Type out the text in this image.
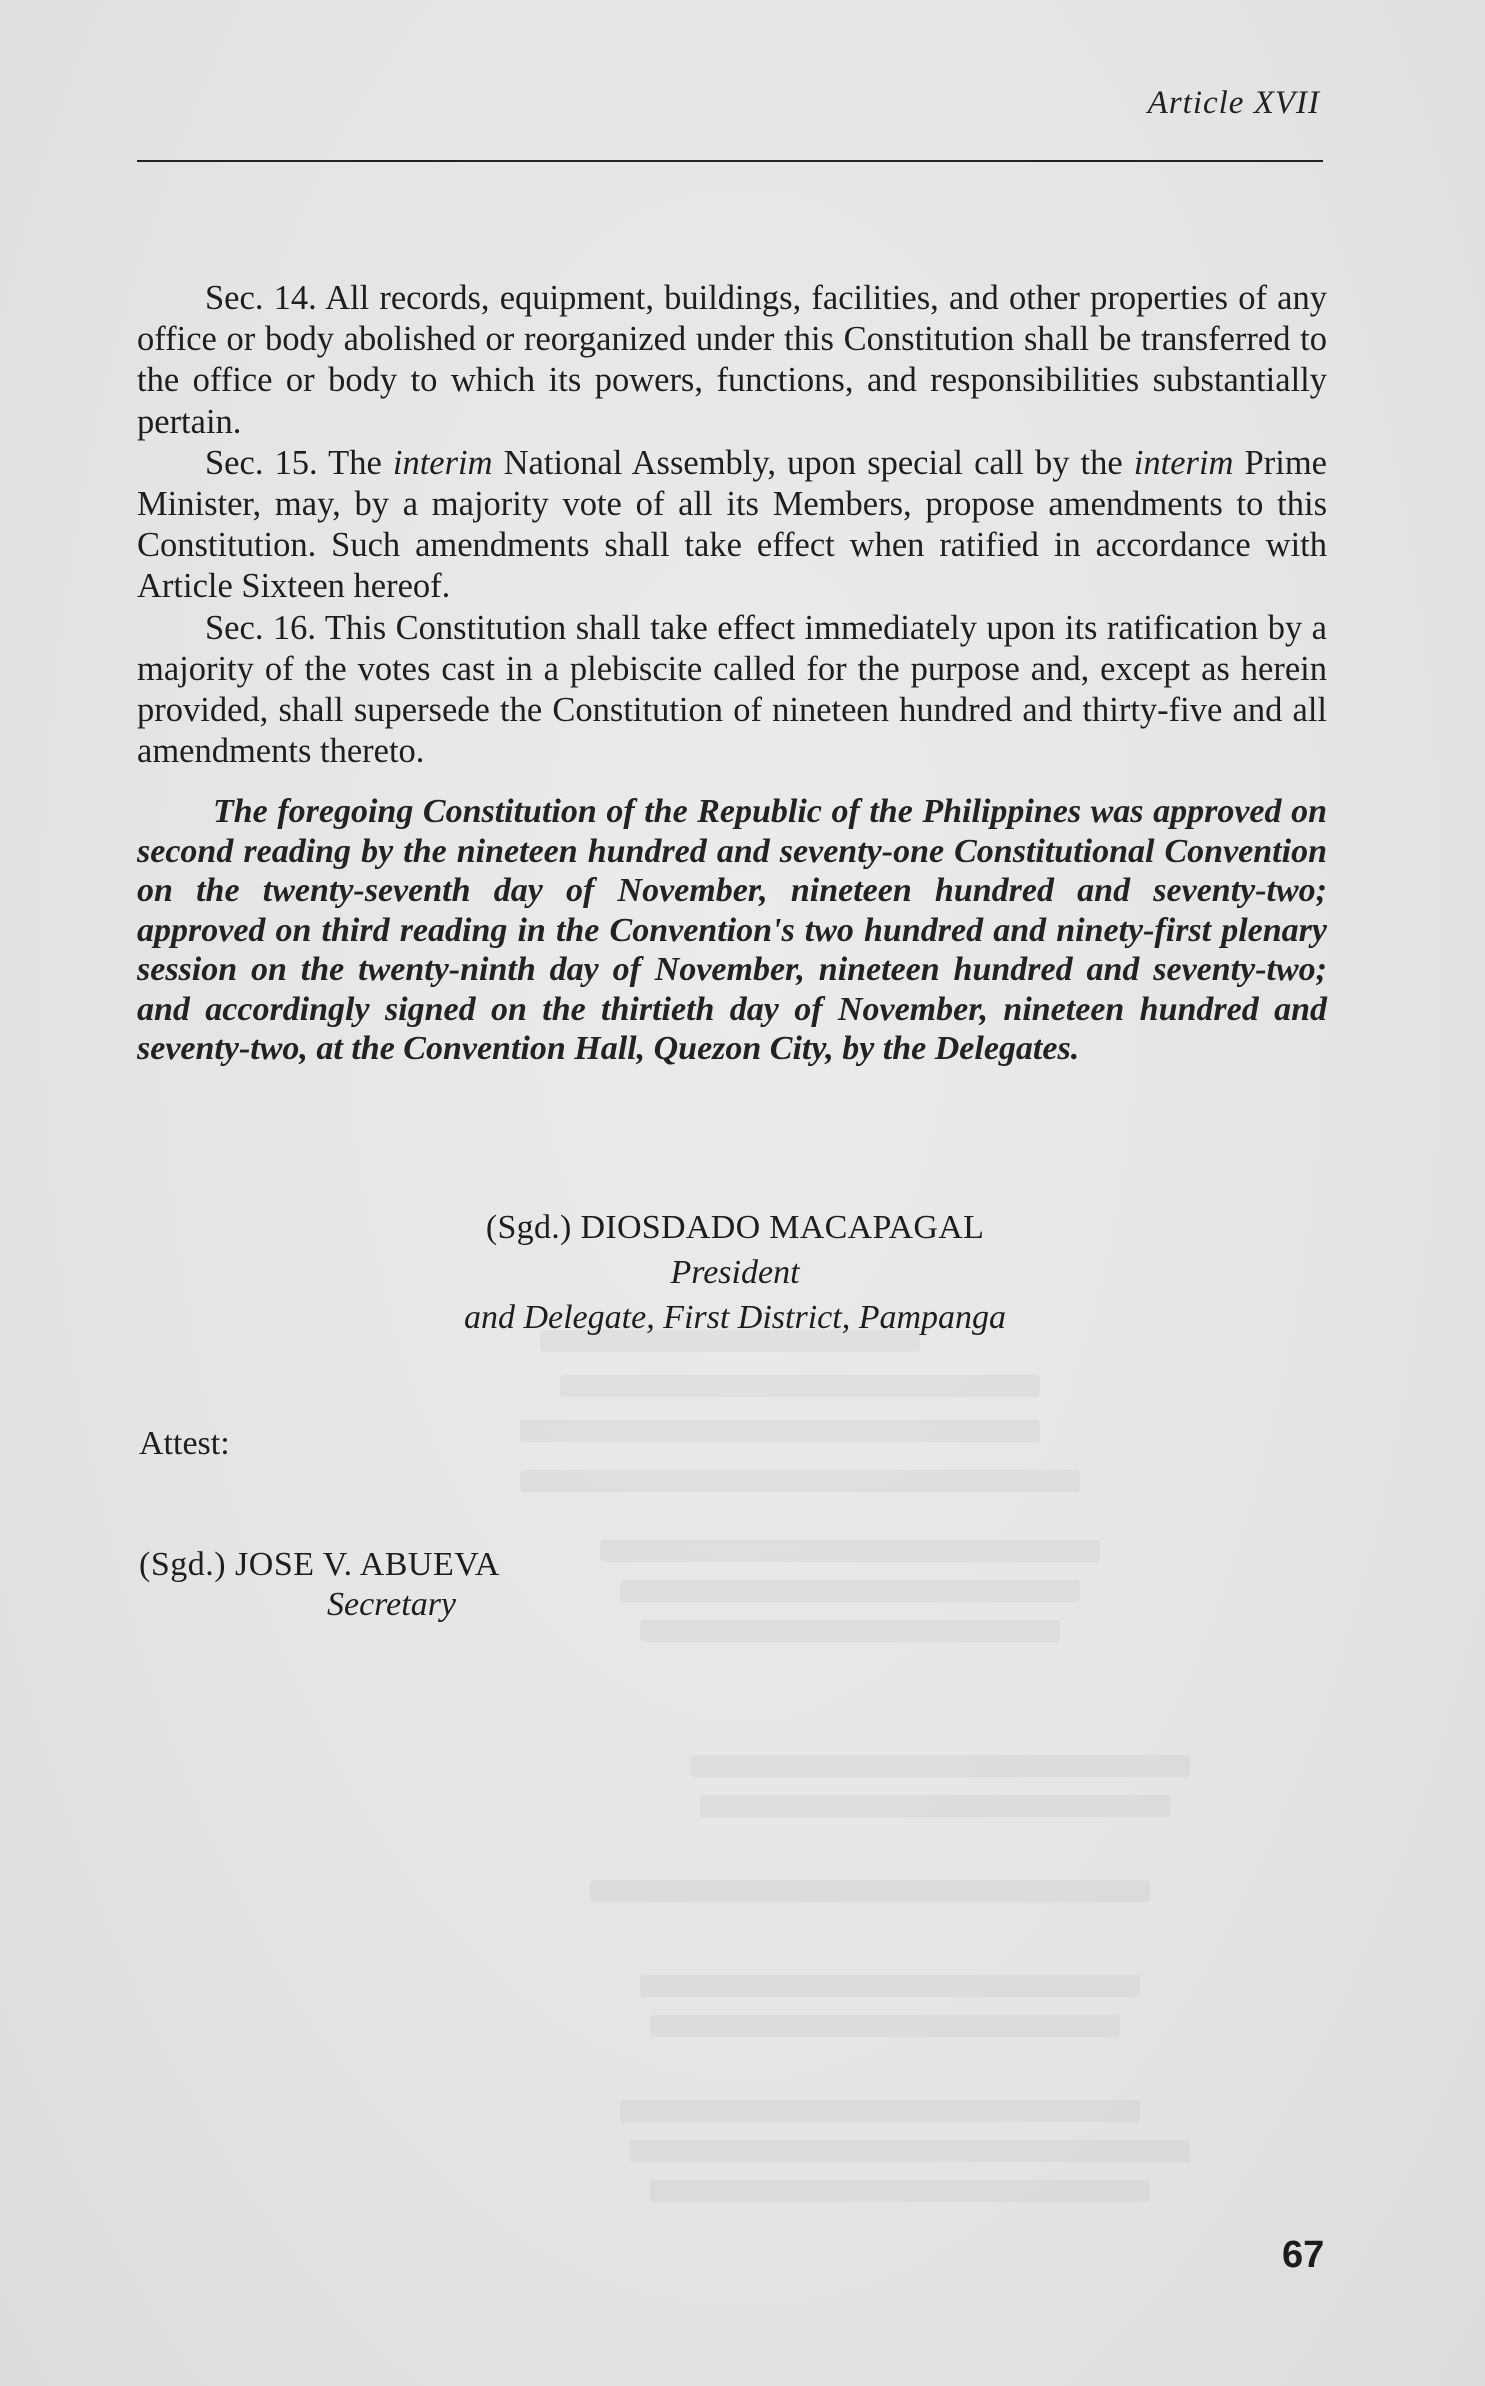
Article XVII

Sec. 14. All records, equipment, buildings, facilities, and other properties of any office or body abolished or reorganized under this Constitution shall be transferred to the office or body to which its powers, functions, and responsibilities substantially pertain.

Sec. 15. The interim National Assembly, upon special call by the interim Prime Minister, may, by a majority vote of all its Members, propose amendments to this Constitution. Such amendments shall take effect when ratified in accordance with Article Sixteen hereof.

Sec. 16. This Constitution shall take effect immediately upon its ratification by a majority of the votes cast in a plebiscite called for the purpose and, except as herein provided, shall supersede the Constitution of nineteen hundred and thirty-five and all amendments thereto.

The foregoing Constitution of the Republic of the Philippines was approved on second reading by the nineteen hundred and seventy-one Constitutional Convention on the twenty-seventh day of November, nineteen hundred and seventy-two; approved on third reading in the Convention's two hundred and ninety-first plenary session on the twenty-ninth day of November, nineteen hundred and seventy-two; and accordingly signed on the thirtieth day of November, nineteen hundred and seventy-two, at the Convention Hall, Quezon City, by the Delegates.
(Sgd.) DIOSDADO MACAPAGAL
President
and Delegate, First District, Pampanga
Attest:
(Sgd.) JOSE V. ABUEVA
Secretary
67
